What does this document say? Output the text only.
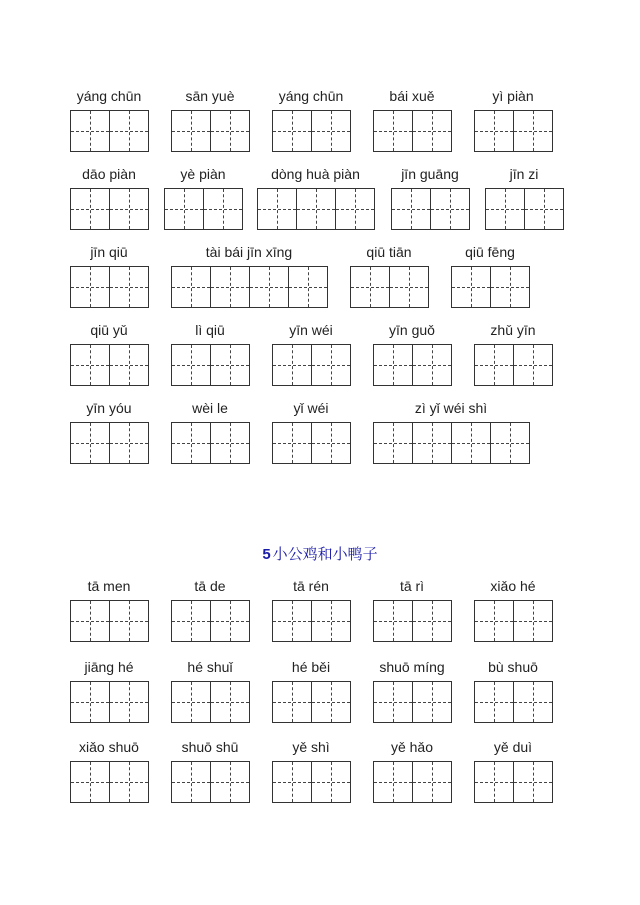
yáng chūn	sān yuè	yáng chūn	bái xuě	yì piàn
dāo piàn	yè piàn	dòng huà piàn	jīn guāng	jīn zi
jīn qiū	tài bái jīn xīng	qiū tiān	qiū fēng
qiū yǔ	lì qiū	yīn wéi	yīn guǒ	zhǔ yīn
yīn yóu	wèi le	yǐ wéi	zì yǐ wéi shì
5 小公鸡和小鸭子
tā men	tā de	tā rén	tā rì	xiǎo hé
jiāng hé	hé shuǐ	hé běi	shuō míng	bù shuō
xiǎo shuō	shuō shū	yě shì	yě hǎo	yě duì
